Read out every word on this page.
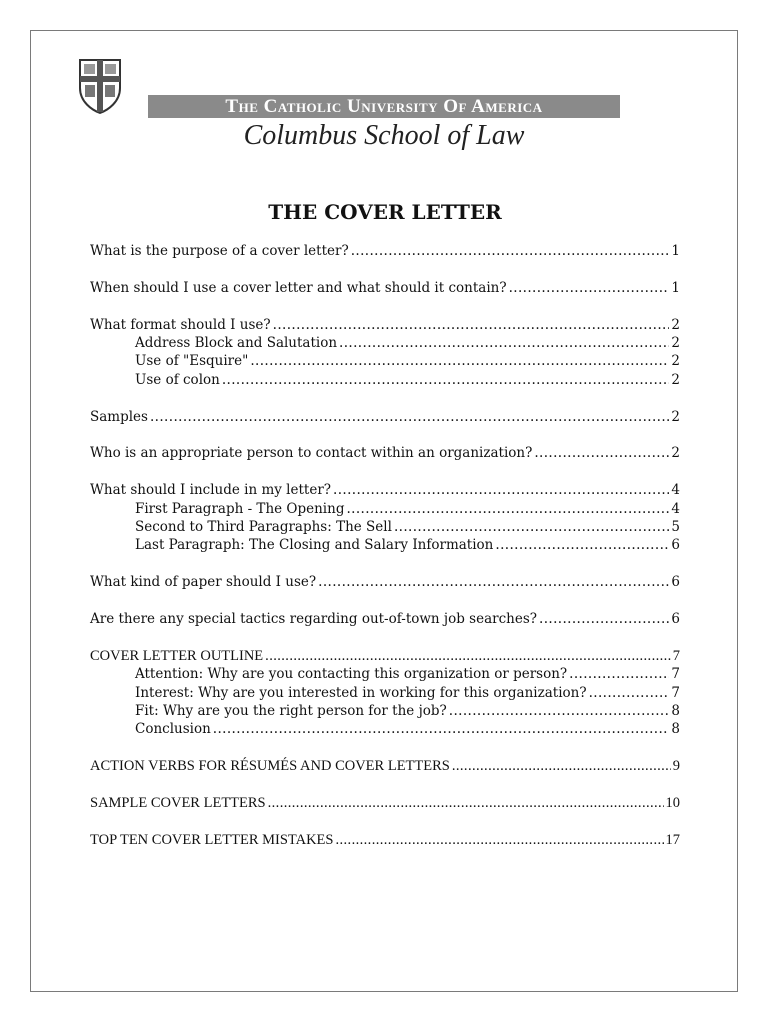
The Catholic University Of America
Columbus School of Law
THE COVER LETTER
What is the purpose of a cover letter? .....	1
When should I use a cover letter and what should it contain? .....	1
What format should I use? .....	2
Address Block and Salutation .....	2
Use of "Esquire" .....	2
Use of colon .....	2
Samples .....	2
Who is an appropriate person to contact within an organization? .....	2
What should I include in my letter? .....	4
First Paragraph - The Opening .....	4
Second to Third Paragraphs: The Sell .....	5
Last Paragraph: The Closing and Salary Information .....	6
What kind of paper should I use? .....	6
Are there any special tactics regarding out-of-town job searches? .....	6
COVER LETTER OUTLINE .....	7
Attention: Why are you contacting this organization or person? .....	7
Interest: Why are you interested in working for this organization? .....	7
Fit: Why are you the right person for the job? .....	8
Conclusion .....	8
ACTION VERBS FOR RÉSUMÉS AND COVER LETTERS .....	9
SAMPLE COVER LETTERS .....	10
TOP TEN COVER LETTER MISTAKES .....	17
